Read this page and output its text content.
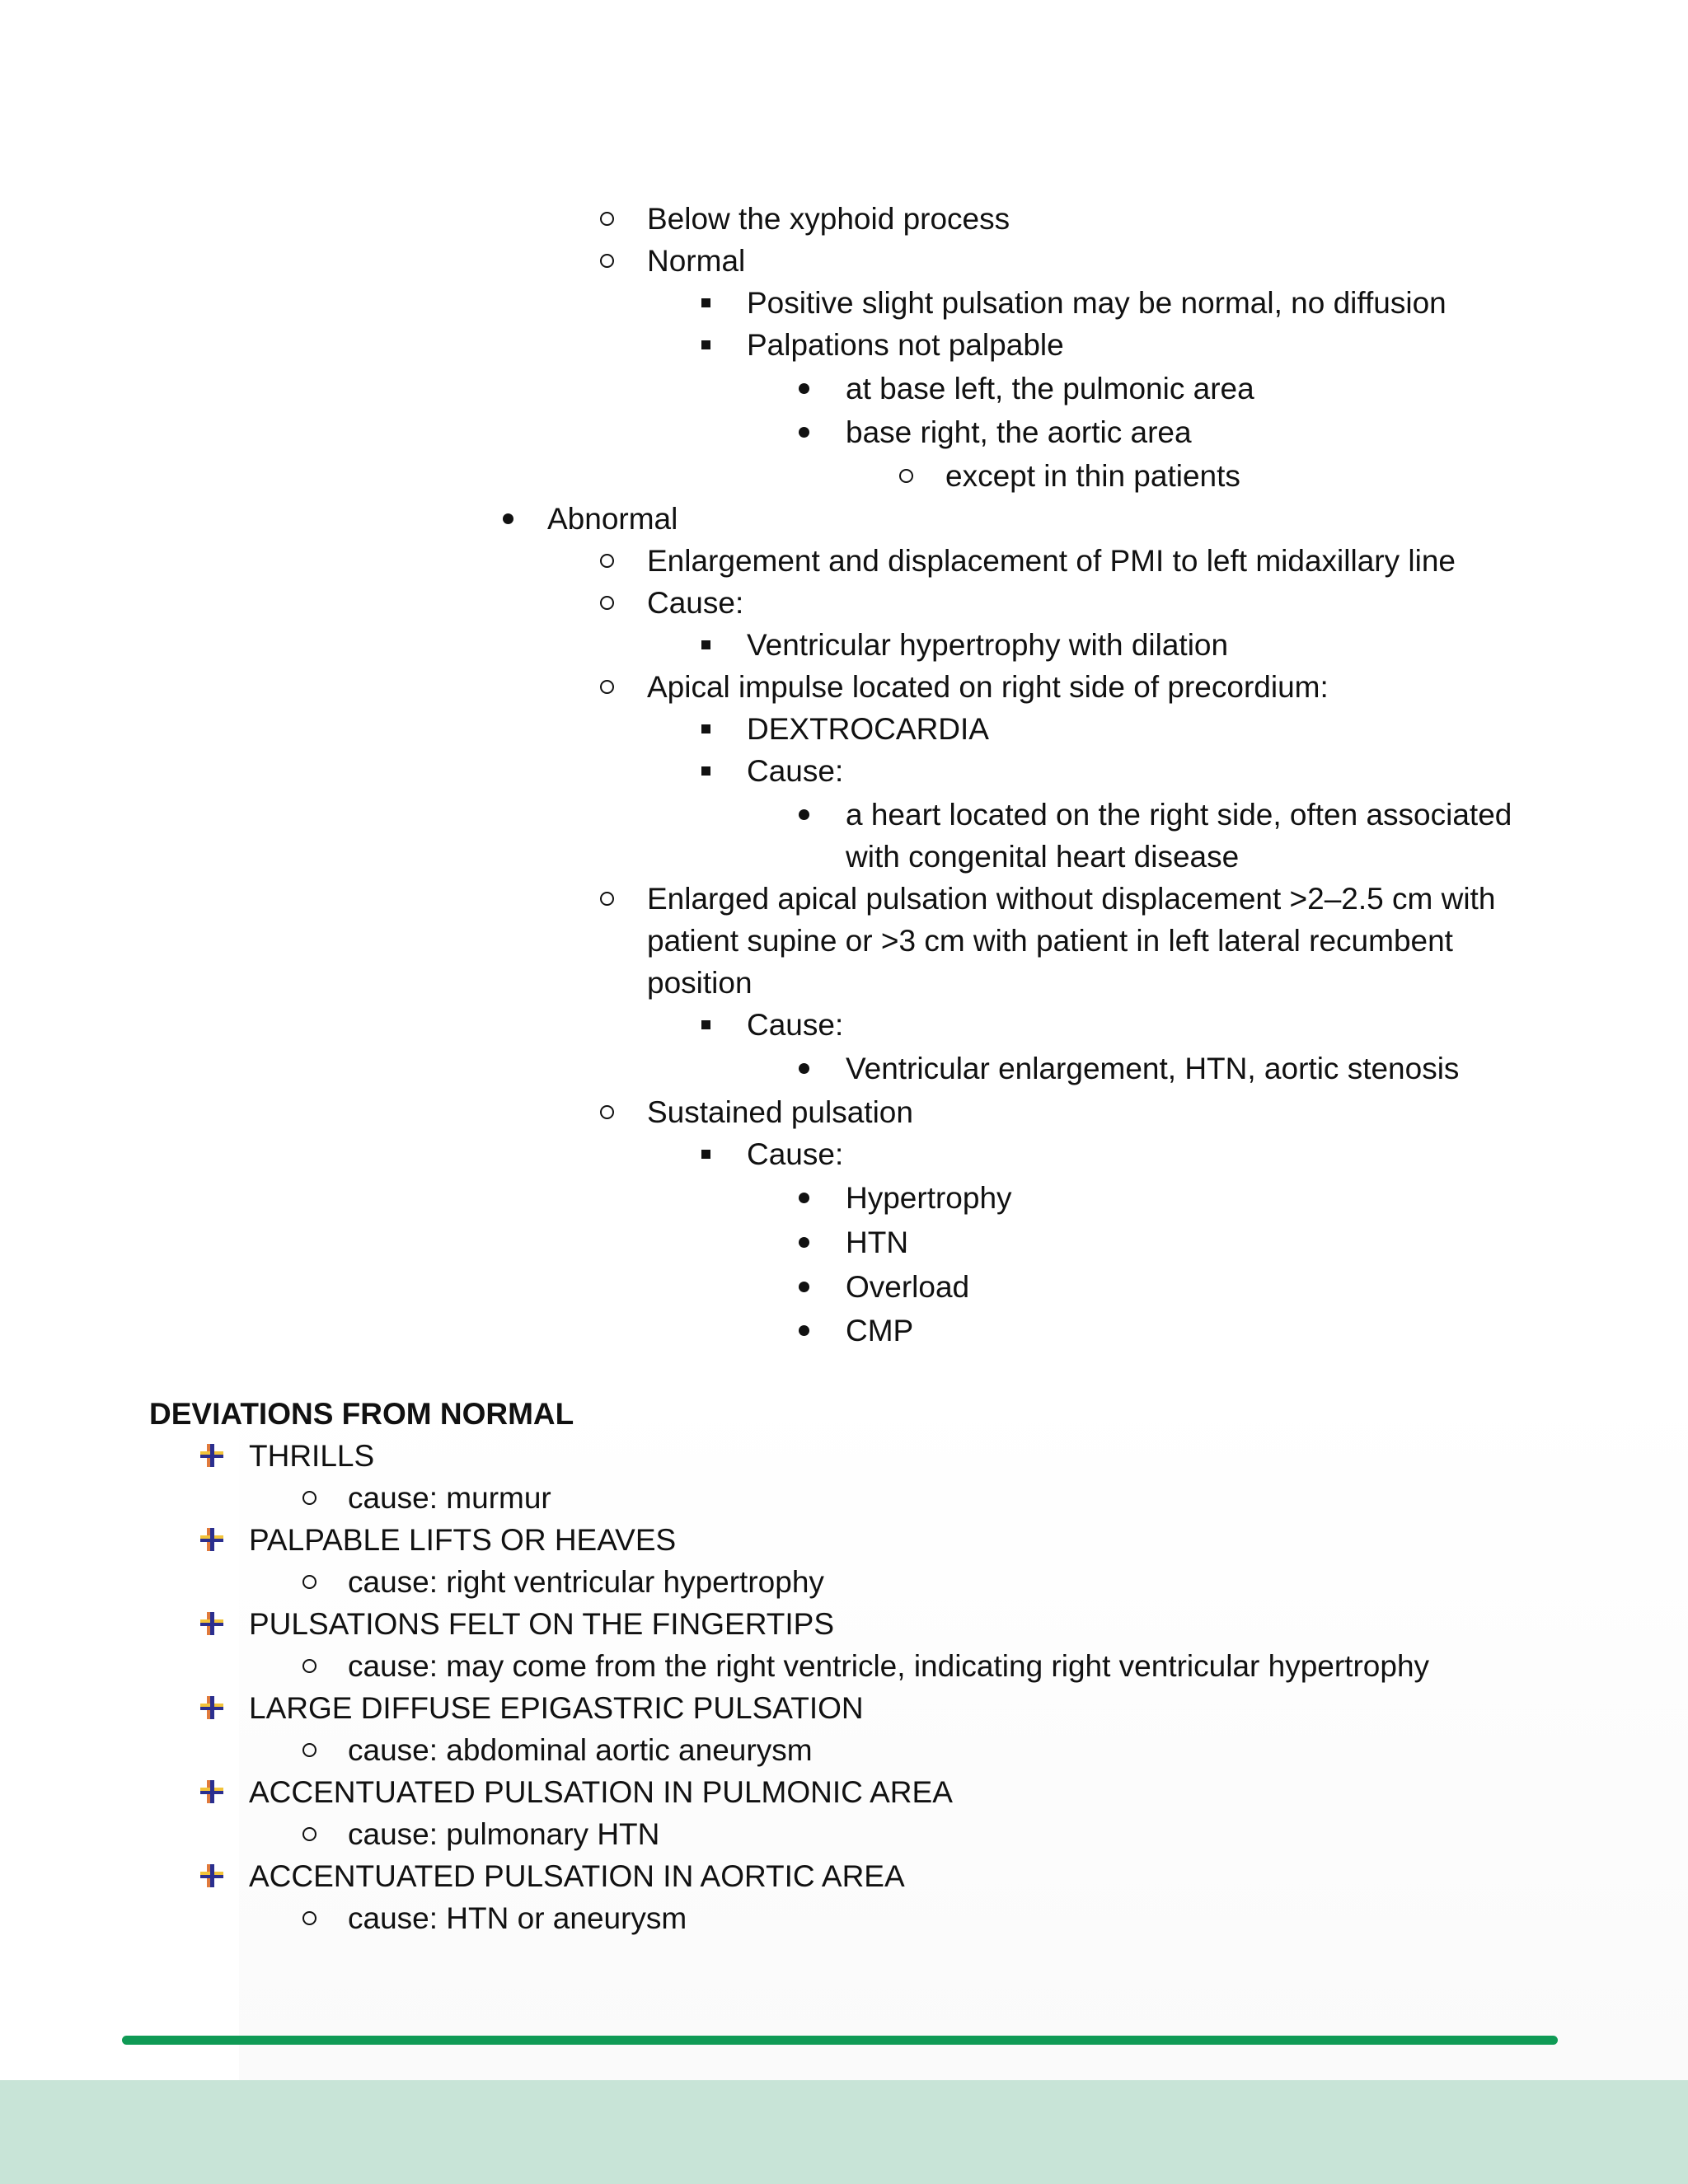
Below the xyphoid process
Normal
Positive slight pulsation may be normal, no diffusion
Palpations not palpable
at base left, the pulmonic area
base right, the aortic area
except in thin patients
Abnormal
Enlargement and displacement of PMI to left midaxillary line
Cause:
Ventricular hypertrophy with dilation
Apical impulse located on right side of precordium:
DEXTROCARDIA
Cause:
a heart located on the right side, often associated
with congenital heart disease
Enlarged apical pulsation without displacement >2–2.5 cm with
patient supine or >3 cm with patient in left lateral recumbent
position
Cause:
Ventricular enlargement, HTN, aortic stenosis
Sustained pulsation
Cause:
Hypertrophy
HTN
Overload
CMP
DEVIATIONS FROM NORMAL
THRILLS
cause: murmur
PALPABLE LIFTS OR HEAVES
cause: right ventricular hypertrophy
PULSATIONS FELT ON THE FINGERTIPS
cause: may come from the right ventricle, indicating right ventricular hypertrophy
LARGE DIFFUSE EPIGASTRIC PULSATION
cause: abdominal aortic aneurysm
ACCENTUATED PULSATION IN PULMONIC AREA
cause: pulmonary HTN
ACCENTUATED PULSATION IN AORTIC AREA
cause: HTN or aneurysm
